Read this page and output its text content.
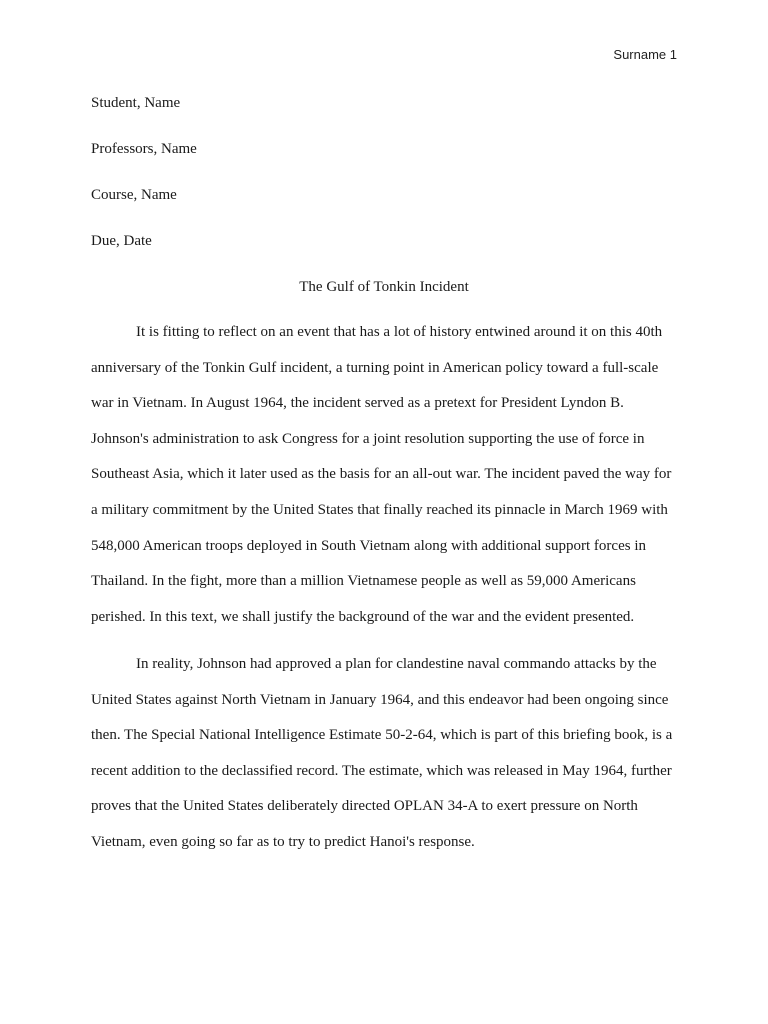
Surname 1
Student, Name
Professors, Name
Course, Name
Due, Date
The Gulf of Tonkin Incident
It is fitting to reflect on an event that has a lot of history entwined around it on this 40th
anniversary of the Tonkin Gulf incident, a turning point in American policy toward a full-scale
war in Vietnam. In August 1964, the incident served as a pretext for President Lyndon B.
Johnson's administration to ask Congress for a joint resolution supporting the use of force in
Southeast Asia, which it later used as the basis for an all-out war. The incident paved the way for
a military commitment by the United States that finally reached its pinnacle in March 1969 with
548,000 American troops deployed in South Vietnam along with additional support forces in
Thailand. In the fight, more than a million Vietnamese people as well as 59,000 Americans
perished. In this text, we shall justify the background of the war and the evident presented.
In reality, Johnson had approved a plan for clandestine naval commando attacks by the
United States against North Vietnam in January 1964, and this endeavor had been ongoing since
then. The Special National Intelligence Estimate 50-2-64, which is part of this briefing book, is a
recent addition to the declassified record. The estimate, which was released in May 1964, further
proves that the United States deliberately directed OPLAN 34-A to exert pressure on North
Vietnam, even going so far as to try to predict Hanoi's response.
